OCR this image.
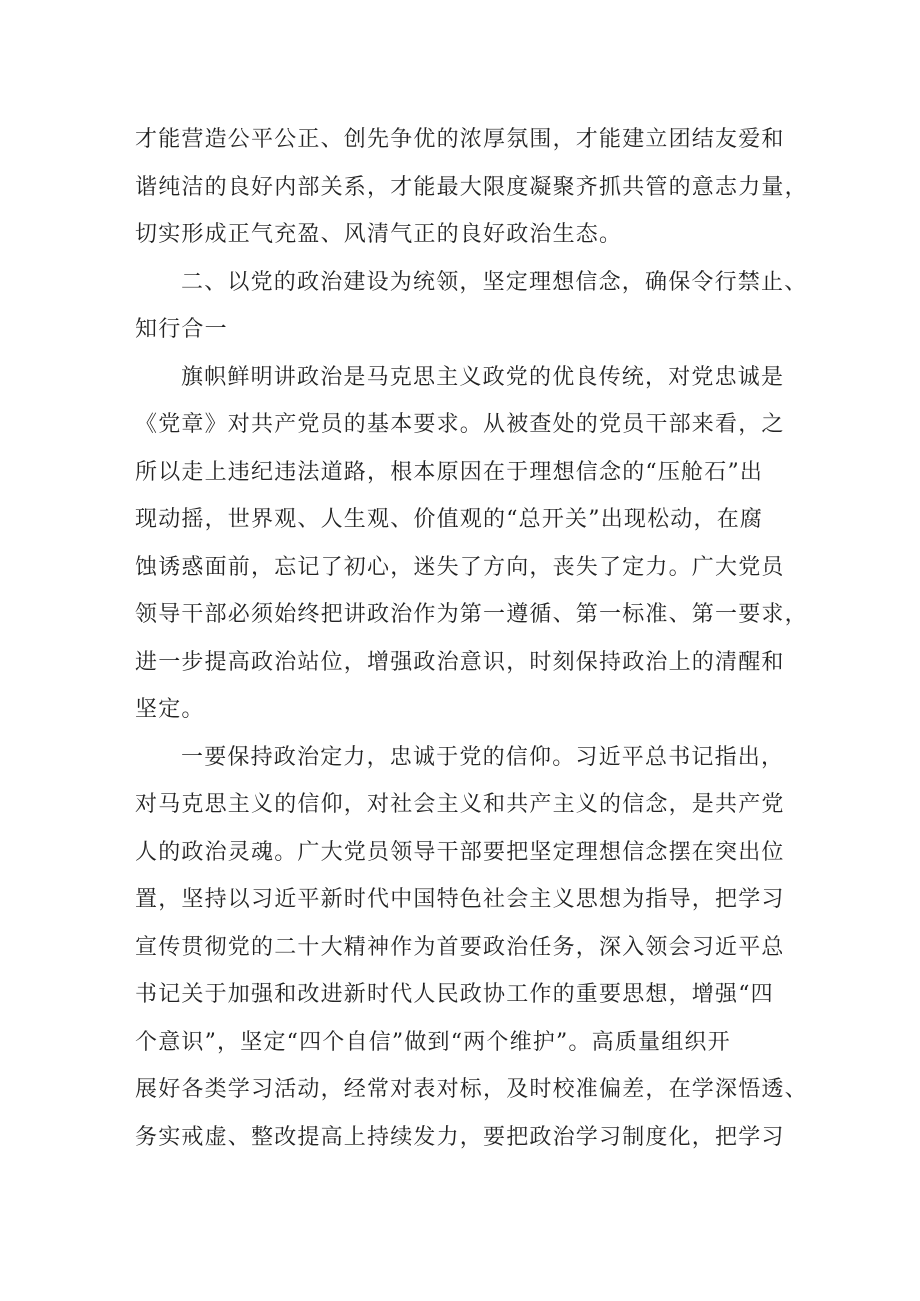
才能营造公平公正、创先争优的浓厚氛围，才能建立团结友爱和
谐纯洁的良好内部关系，才能最大限度凝聚齐抓共管的意志力量，
切实形成正气充盈、风清气正的良好政治生态。
二、以党的政治建设为统领，坚定理想信念，确保令行禁止、
知行合一
旗帜鲜明讲政治是马克思主义政党的优良传统，对党忠诚是
《党章》对共产党员的基本要求。从被查处的党员干部来看，之
所以走上违纪违法道路，根本原因在于理想信念的“压舱石”出
现动摇，世界观、人生观、价值观的“总开关”出现松动，在腐
蚀诱惑面前，忘记了初心，迷失了方向，丧失了定力。广大党员
领导干部必须始终把讲政治作为第一遵循、第一标准、第一要求，
进一步提高政治站位，增强政治意识，时刻保持政治上的清醒和
坚定。
一要保持政治定力，忠诚于党的信仰。习近平总书记指出，
对马克思主义的信仰，对社会主义和共产主义的信念，是共产党
人的政治灵魂。广大党员领导干部要把坚定理想信念摆在突出位
置，坚持以习近平新时代中国特色社会主义思想为指导，把学习
宣传贯彻党的二十大精神作为首要政治任务，深入领会习近平总
书记关于加强和改进新时代人民政协工作的重要思想，增强“四
个意识”，坚定“四个自信”做到“两个维护”。高质量组织开
展好各类学习活动，经常对表对标，及时校准偏差，在学深悟透、
务实戒虚、整改提高上持续发力，要把政治学习制度化，把学习
